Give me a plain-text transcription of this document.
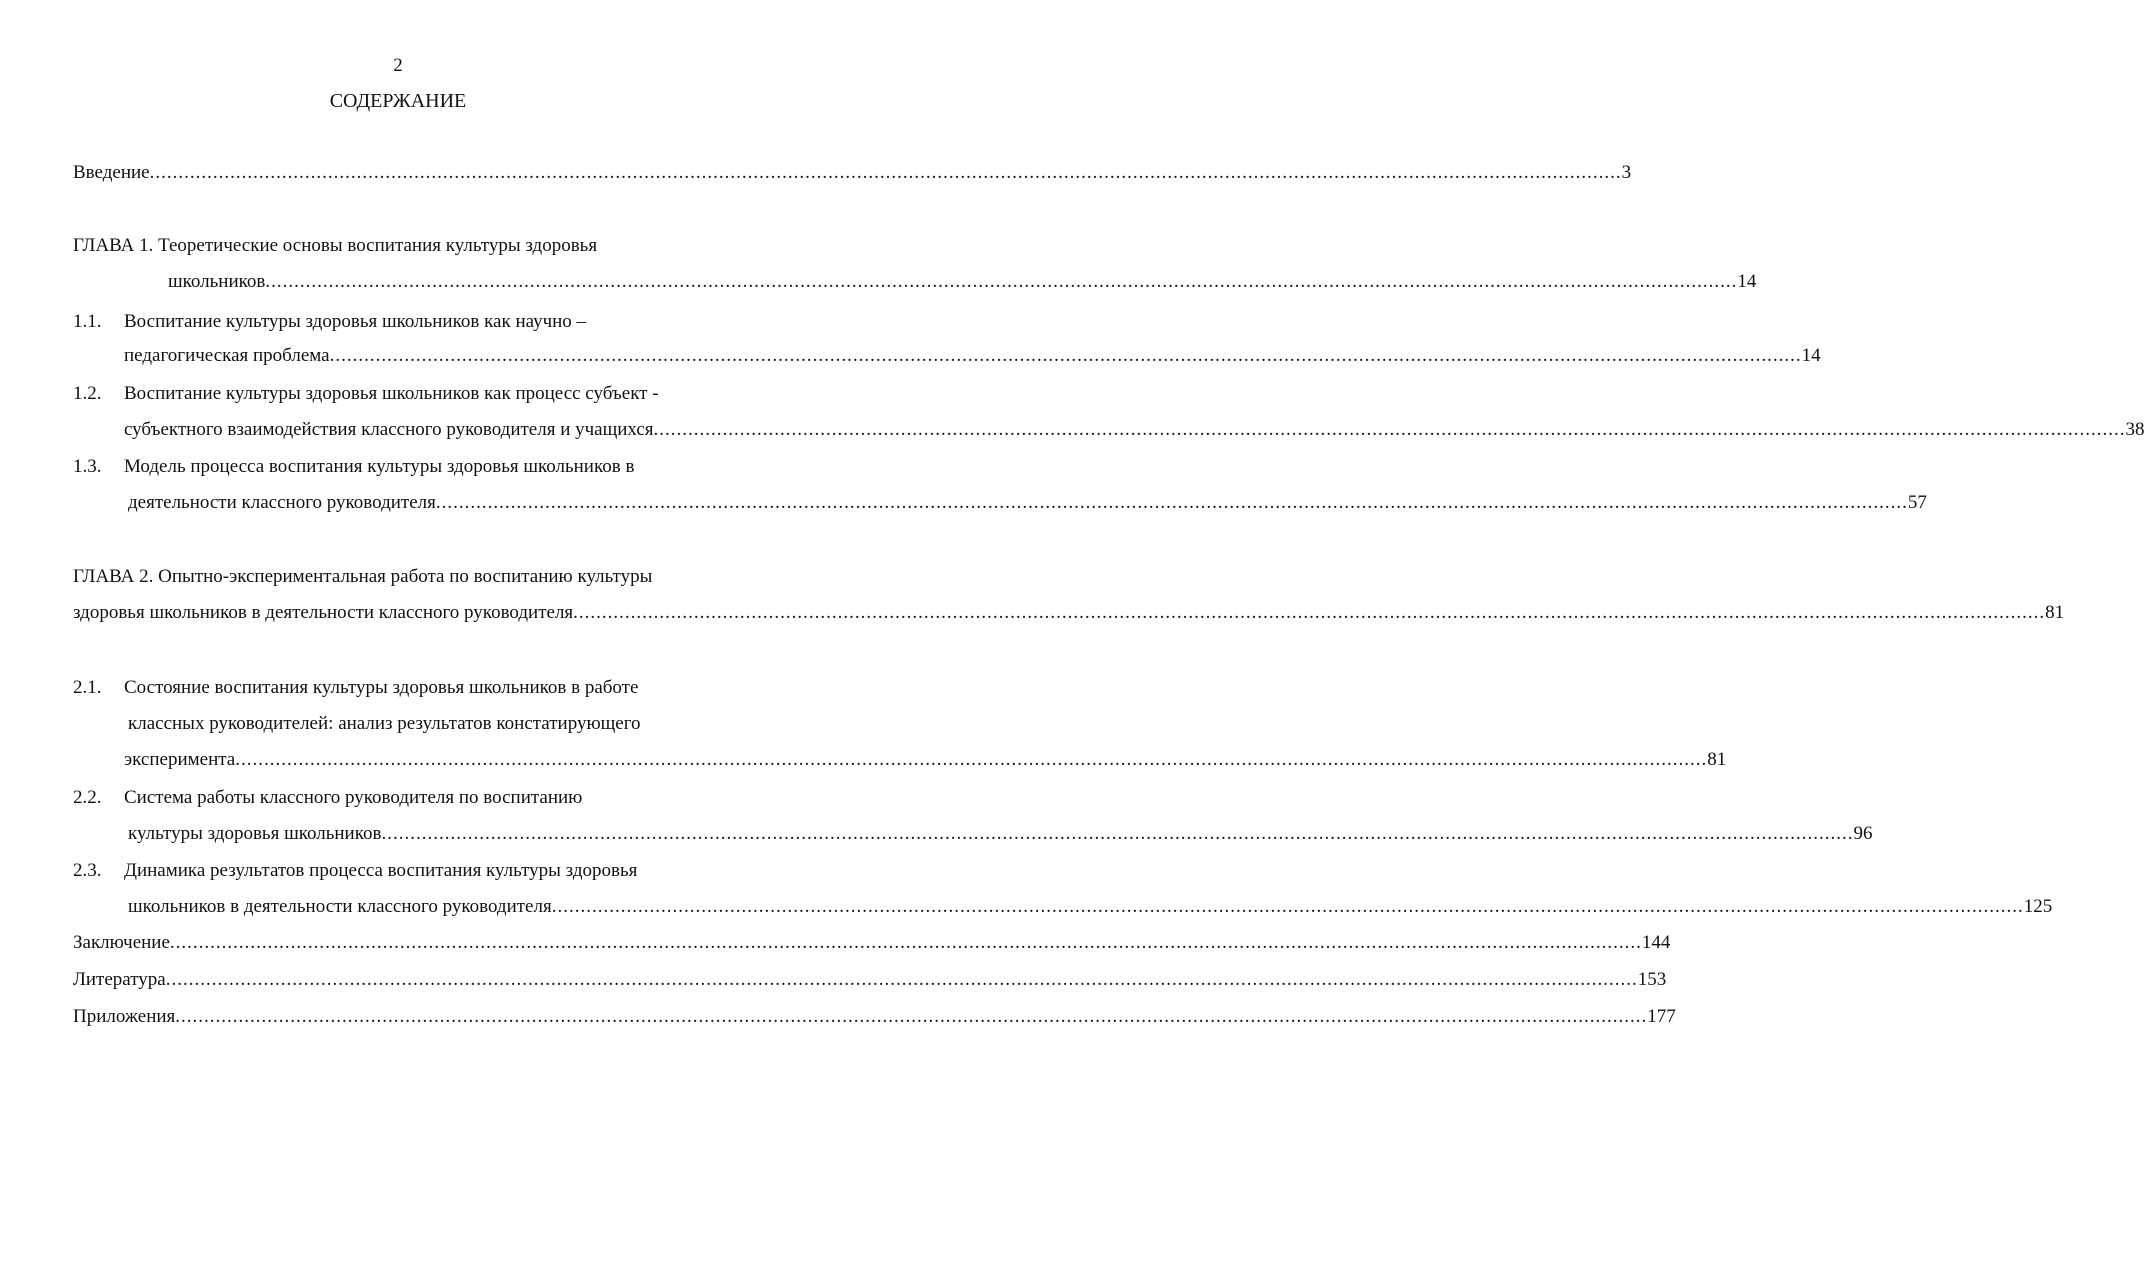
2
СОДЕРЖАНИЕ
Введение ................................................................................................................................................................................................................................................................ 3
ГЛАВА 1. Теоретические основы воспитания культуры здоровья
школьников ................................................................................................................................................................................................................................................................ 14
1.1. Воспитание культуры здоровья школьников как научно –
педагогическая проблема ................................................................................................................................................................................................................................................................ 14
1.2. Воспитание культуры здоровья школьников как процесс субъект -
субъектного взаимодействия классного руководителя и учащихся ................................................................................................................................................................................................................................................................ 38
1.3. Модель процесса воспитания культуры здоровья школьников в
деятельности классного руководителя ................................................................................................................................................................................................................................................................ 57
ГЛАВА 2. Опытно-экспериментальная работа по воспитанию культуры
здоровья школьников в деятельности классного руководителя ................................................................................................................................................................................................................................................................ 81
2.1. Состояние воспитания культуры здоровья школьников в работе
классных руководителей: анализ результатов констатирующего
эксперимента ................................................................................................................................................................................................................................................................ 81
2.2. Система работы классного руководителя по воспитанию
культуры здоровья школьников ................................................................................................................................................................................................................................................................ 96
2.3. Динамика результатов процесса воспитания культуры здоровья
школьников в деятельности классного руководителя ................................................................................................................................................................................................................................................................ 125
Заключение ................................................................................................................................................................................................................................................................ 144
Литература ................................................................................................................................................................................................................................................................ 153
Приложения ................................................................................................................................................................................................................................................................ 177
